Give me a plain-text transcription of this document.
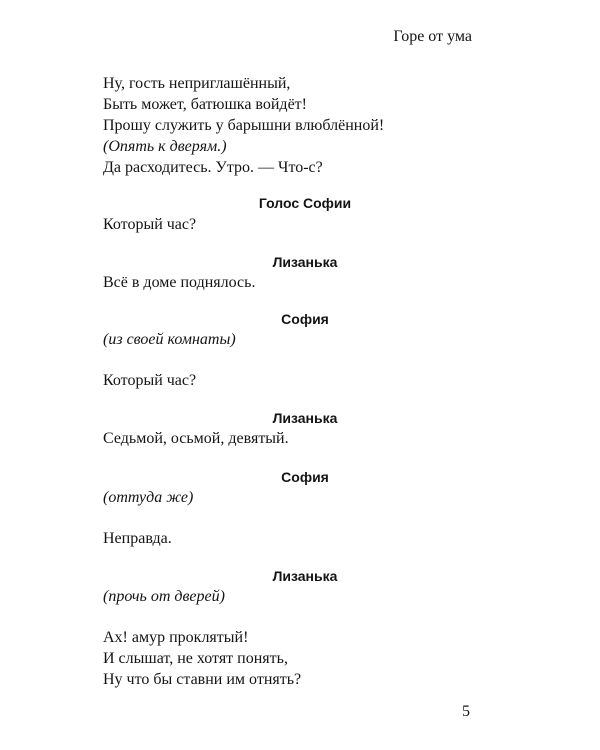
Горе от ума
Ну, гость неприглашённый,
Быть может, батюшка войдёт!
Прошу служить у барышни влюблённой!
(Опять к дверям.)
Да расходитесь. Утро. — Что-с?
Голос Софии
Который час?
Лизанька
Всё в доме поднялось.
София
(из своей комнаты)
Который час?
Лизанька
Седьмой, осьмой, девятый.
София
(оттуда же)
Неправда.
Лизанька
(прочь от дверей)
Ах! амур проклятый!
И слышат, не хотят понять,
Ну что бы ставни им отнять?
5
